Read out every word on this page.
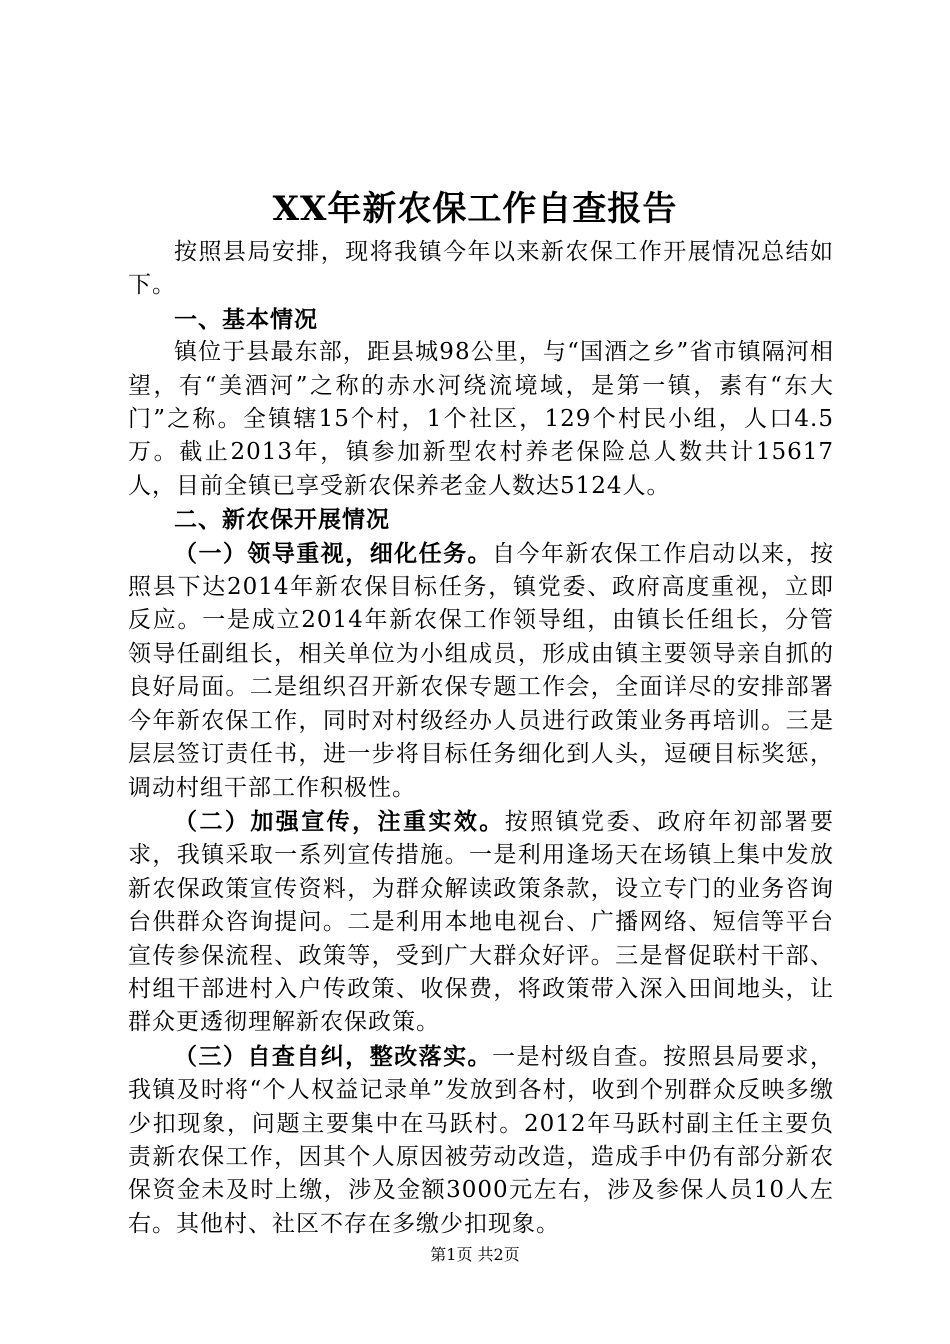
XX年新农保工作自查报告

按照县局安排，现将我镇今年以来新农保工作开展情况总结如下。

一、基本情况

镇位于县最东部，距县城98公里，与“国酒之乡”省市镇隔河相望，有“美酒河”之称的赤水河绕流境域，是第一镇，素有“东大门”之称。全镇辖15个村，1个社区，129个村民小组，人口4.5万。截止2013年，镇参加新型农村养老保险总人数共计15617人，目前全镇已享受新农保养老金人数达5124人。

二、新农保开展情况

（一）领导重视，细化任务。自今年新农保工作启动以来，按照县下达2014年新农保目标任务，镇党委、政府高度重视，立即反应。一是成立2014年新农保工作领导组，由镇长任组长，分管领导任副组长，相关单位为小组成员，形成由镇主要领导亲自抓的良好局面。二是组织召开新农保专题工作会，全面详尽的安排部署今年新农保工作，同时对村级经办人员进行政策业务再培训。三是层层签订责任书，进一步将目标任务细化到人头，逗硬目标奖惩，调动村组干部工作积极性。

（二）加强宣传，注重实效。按照镇党委、政府年初部署要求，我镇采取一系列宣传措施。一是利用逢场天在场镇上集中发放新农保政策宣传资料，为群众解读政策条款，设立专门的业务咨询台供群众咨询提问。二是利用本地电视台、广播网络、短信等平台宣传参保流程、政策等，受到广大群众好评。三是督促联村干部、村组干部进村入户传政策、收保费，将政策带入深入田间地头，让群众更透彻理解新农保政策。

（三）自查自纠，整改落实。一是村级自查。按照县局要求，我镇及时将“个人权益记录单”发放到各村，收到个别群众反映多缴少扣现象，问题主要集中在马跃村。2012年马跃村副主任主要负责新农保工作，因其个人原因被劳动改造，造成手中仍有部分新农保资金未及时上缴，涉及金额3000元左右，涉及参保人员10人左右。其他村、社区不存在多缴少扣现象。

第1页 共2页
